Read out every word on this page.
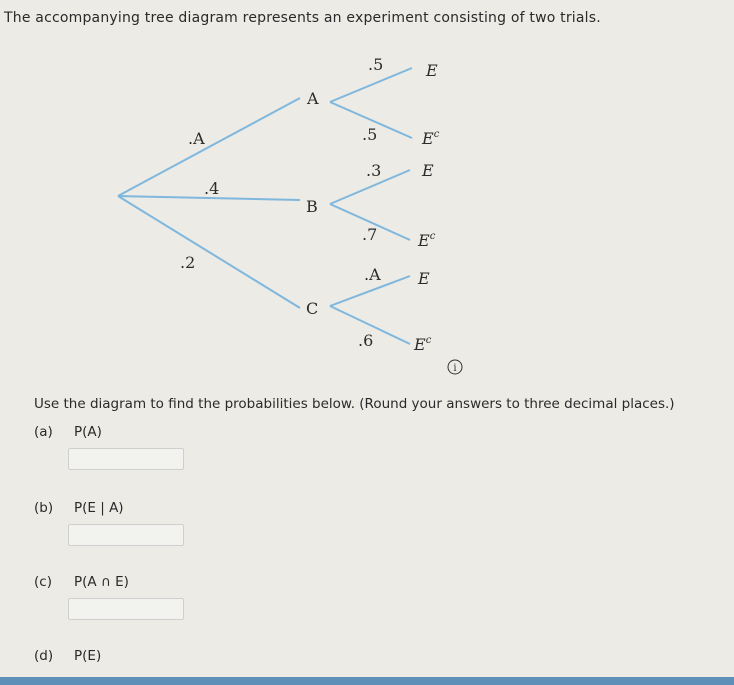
The accompanying tree diagram represents an experiment consisting of two trials.
.A
.4
.2
A
B
C
.5
.5
.3
.7
.A
.6
E
$E^c$
E
$E^c$
E
$E^c$
i
Use the diagram to find the probabilities below. (Round your answers to three decimal places.)
(a) P(A)
(b) P(E | A)
(c) P(A ∩ E)
(d) P(E)
